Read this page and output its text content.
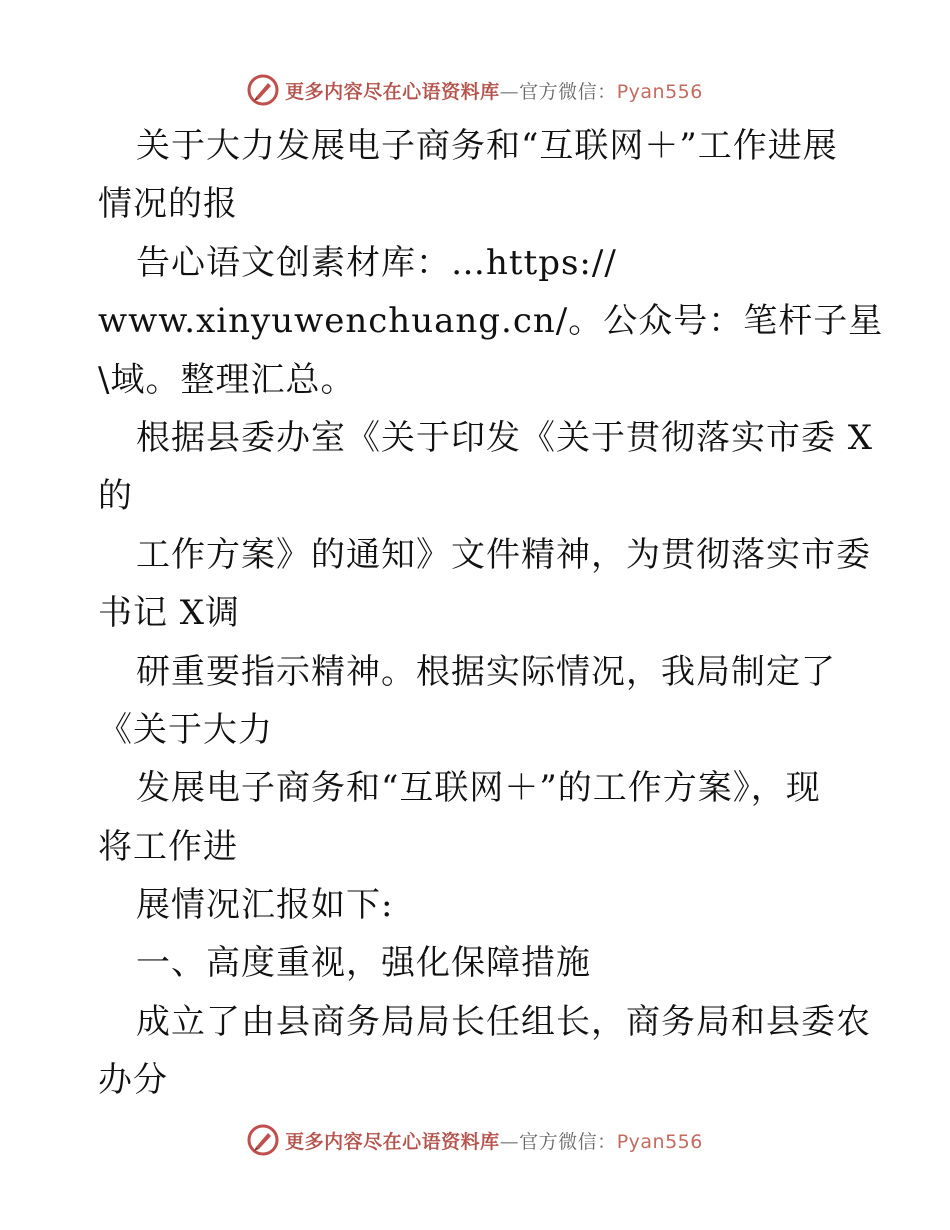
更多内容尽在心语资料库—官方微信：Pyan556
关于大力发展电子商务和“互联网＋”工作进展
情况的报
告心语文创素材库：…https://
www.xinyuwenchuang.cn/。公众号：笔杆子星
\域。整理汇总。
根据县委办室《关于印发《关于贯彻落实市委 X
的
工作方案》的通知》文件精神，为贯彻落实市委
书记 X调
研重要指示精神。根据实际情况，我局制定了
《关于大力
发展电子商务和“互联网＋”的工作方案》，现
将工作进
展情况汇报如下:
一、高度重视，强化保障措施
成立了由县商务局局长任组长，商务局和县委农
办分
更多内容尽在心语资料库—官方微信：Pyan556
